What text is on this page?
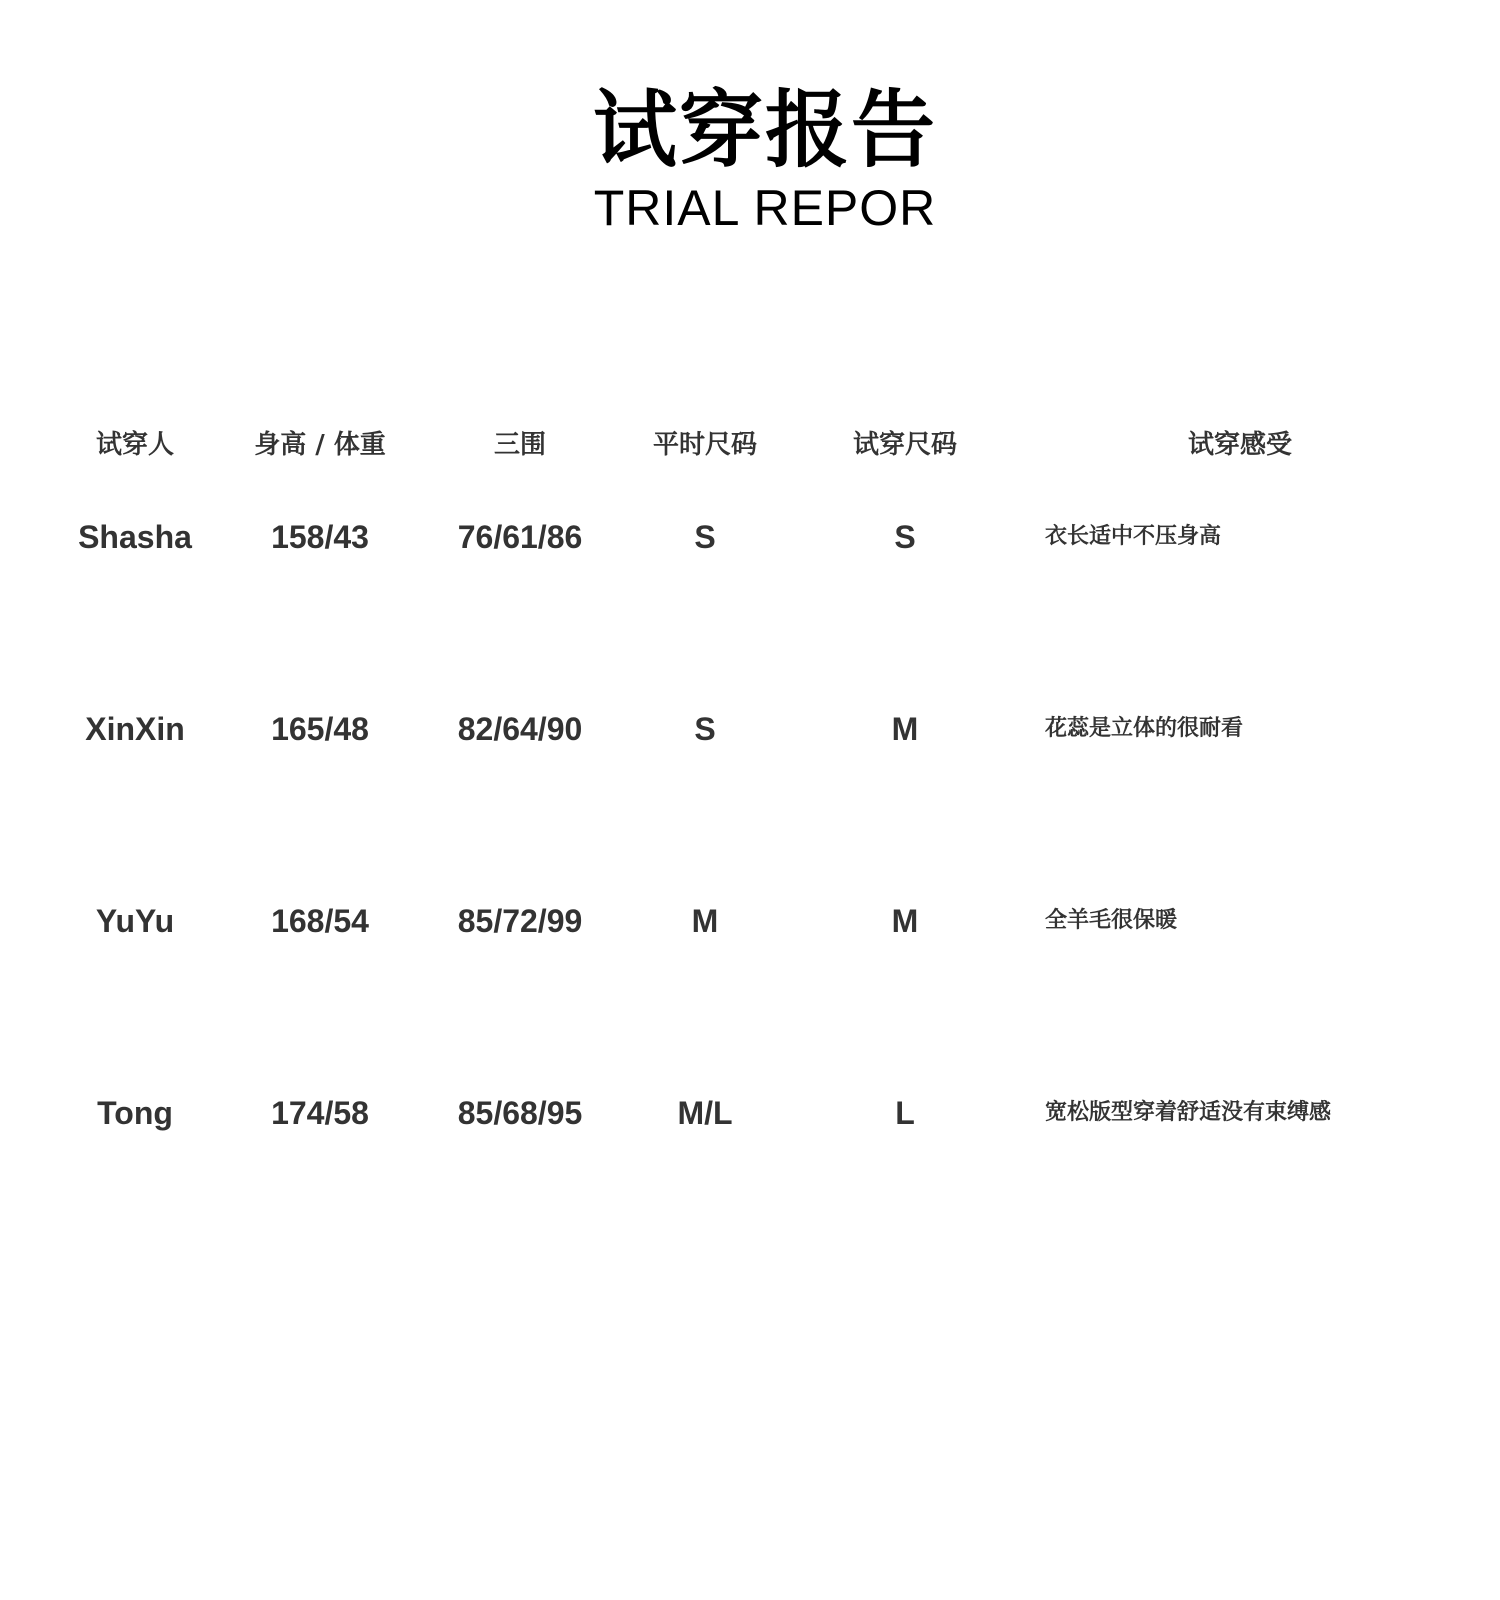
试穿报告
TRIAL REPOR
试穿人	身高 / 体重	三围	平时尺码	试穿尺码	试穿感受
Shasha	158/43	76/61/86	S	S	衣长适中不压身高
XinXin	165/48	82/64/90	S	M	花蕊是立体的很耐看
YuYu	168/54	85/72/99	M	M	全羊毛很保暖
Tong	174/58	85/68/95	M/L	L	宽松版型穿着舒适没有束缚感
